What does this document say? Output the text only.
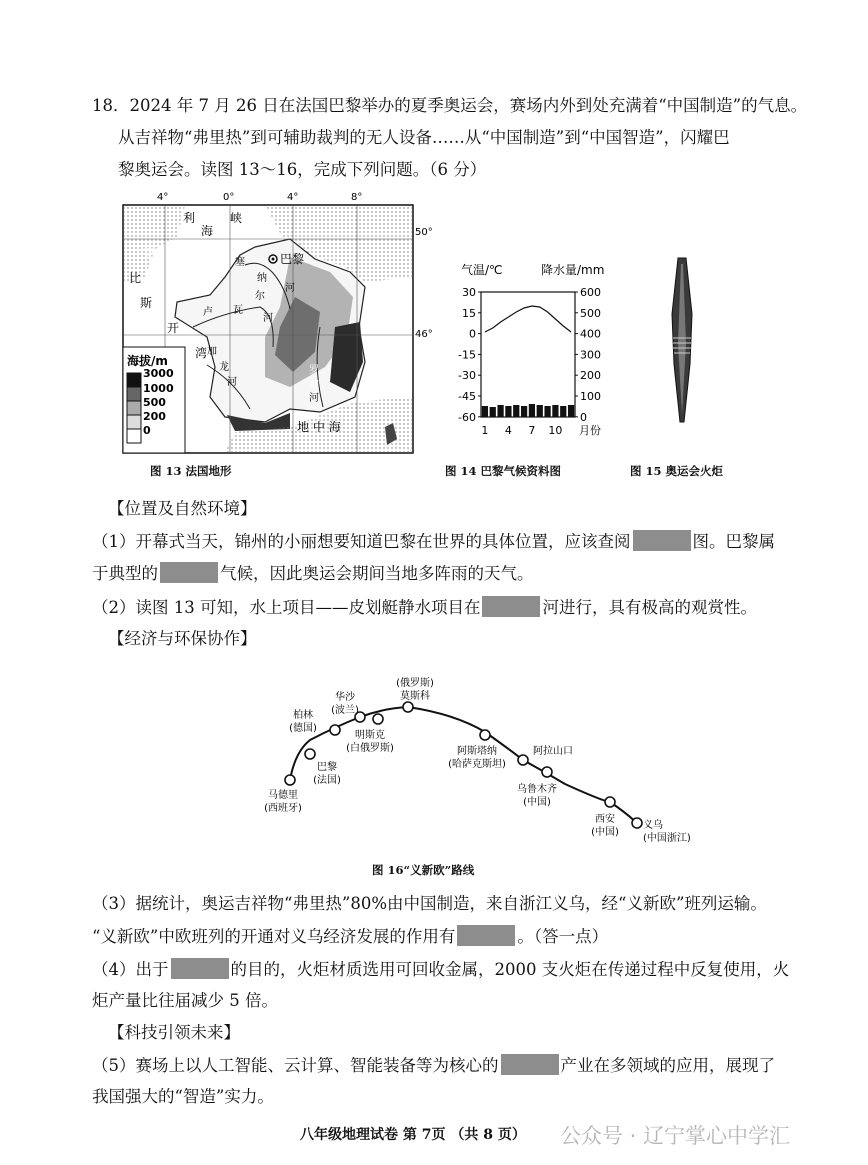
18．2024 年 7 月 26 日在法国巴黎举办的夏季奥运会，赛场内外到处充满着“中国制造”的气息。
从吉祥物“弗里热”到可辅助裁判的无人设备……从“中国制造”到“中国智造”，闪耀巴
黎奥运会。读图 13～16，完成下列问题。（6 分）
4°	0°	4°	8°
巴黎
塞
纳
河
卢 瓦
尔
河
加
龙
河
罗
讷
河
峡
利
海
英
比
斯
开
湾
地 中 海
50°
46°
海拔/m
3000
1000
500
200
0
气温/℃	降水量/mm
30
15
0
-15
-30
-45
-60
600
500
400
300
200
100
0
1 4 7 10 月份
图 13 法国地形	图 14 巴黎气候资料图	图 15 奥运会火炬
【位置及自然环境】
（1）开幕式当天，锦州的小丽想要知道巴黎在世界的具体位置，应该查阅	图。巴黎属
于典型的	气候，因此奥运会期间当地多阵雨的天气。
（2）读图 13 可知，水上项目——皮划艇静水项目在	河进行，具有极高的观赏性。
【经济与环保协作】
马德里
(西班牙)
巴黎
(法国)
柏林
(德国)
华沙
(波兰)
明斯克
(白俄罗斯)
莫斯科
(俄罗斯)
阿斯塔纳
(哈萨克斯坦)
阿拉山口
乌鲁木齐
(中国)
西安
(中国)
义乌
(中国浙江)
图 16“义新欧”路线
（3）据统计，奥运吉祥物“弗里热”80%由中国制造，来自浙江义乌，经“义新欧”班列运输。
“义新欧”中欧班列的开通对义乌经济发展的作用有	。（答一点）
（4）出于	的目的，火炬材质选用可回收金属，2000 支火炬在传递过程中反复使用，火
炬产量比往届减少 5 倍。
【科技引领未来】
（5）赛场上以人工智能、云计算、智能装备等为核心的	产业在多领域的应用，展现了
我国强大的“智造”实力。
八年级地理试卷 第 7页 （共 8 页） 公众号 · 辽宁掌心中学汇
